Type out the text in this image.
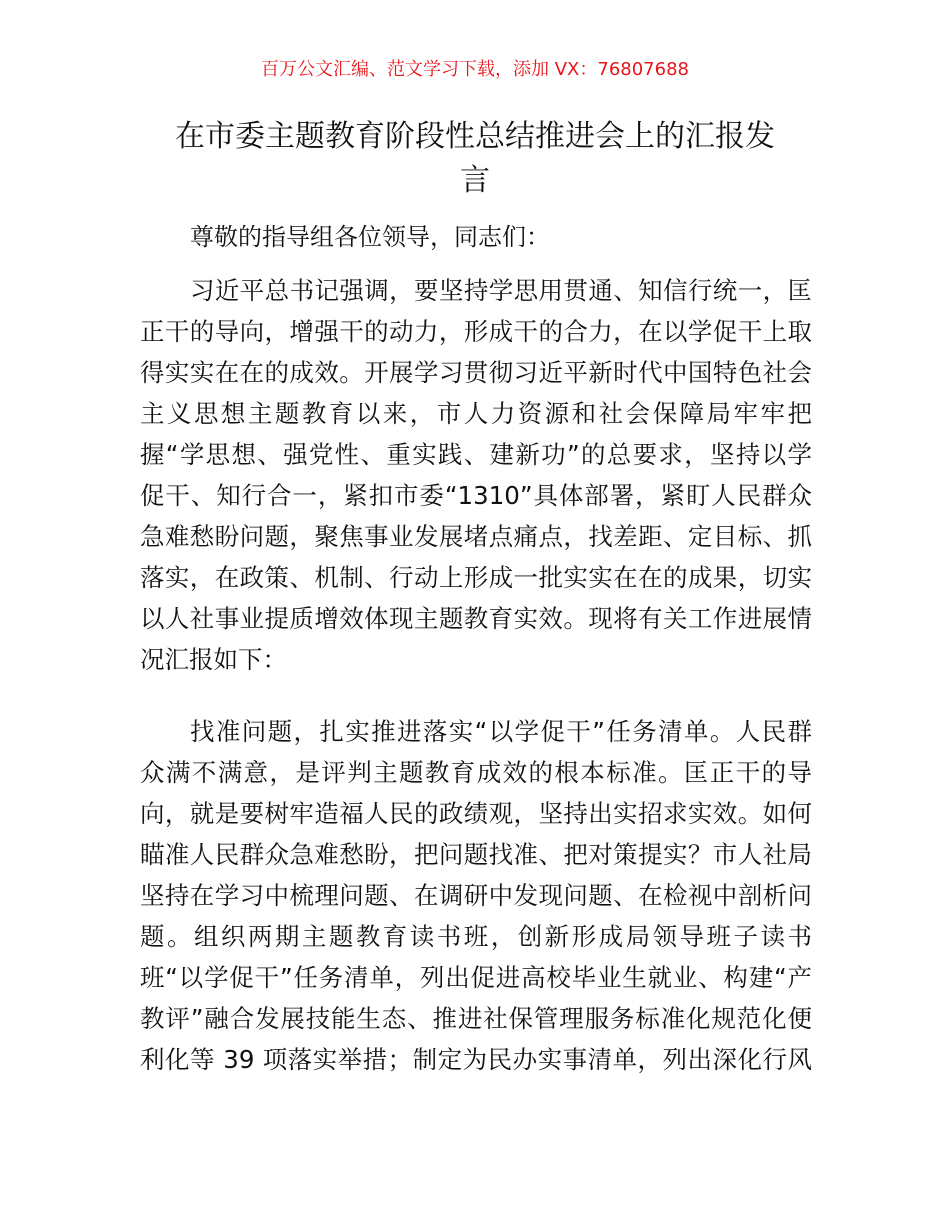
百万公文汇编、范文学习下载，添加 VX：76807688
在市委主题教育阶段性总结推进会上的汇报发
言
尊敬的指导组各位领导，同志们：
习近平总书记强调，要坚持学思用贯通、知信行统一，匡
正干的导向，增强干的动力，形成干的合力，在以学促干上取
得实实在在的成效。开展学习贯彻习近平新时代中国特色社会
主义思想主题教育以来，市人力资源和社会保障局牢牢把
握“学思想、强党性、重实践、建新功”的总要求，坚持以学
促干、知行合一，紧扣市委“1310”具体部署，紧盯人民群众
急难愁盼问题，聚焦事业发展堵点痛点，找差距、定目标、抓
落实，在政策、机制、行动上形成一批实实在在的成果，切实
以人社事业提质增效体现主题教育实效。现将有关工作进展情
况汇报如下：
找准问题，扎实推进落实“以学促干”任务清单。人民群
众满不满意，是评判主题教育成效的根本标准。匡正干的导
向，就是要树牢造福人民的政绩观，坚持出实招求实效。如何
瞄准人民群众急难愁盼，把问题找准、把对策提实？市人社局
坚持在学习中梳理问题、在调研中发现问题、在检视中剖析问
题。组织两期主题教育读书班，创新形成局领导班子读书
班“以学促干”任务清单，列出促进高校毕业生就业、构建“产
教评”融合发展技能生态、推进社保管理服务标准化规范化便
利化等 39 项落实举措；制定为民办实事清单，列出深化行风
